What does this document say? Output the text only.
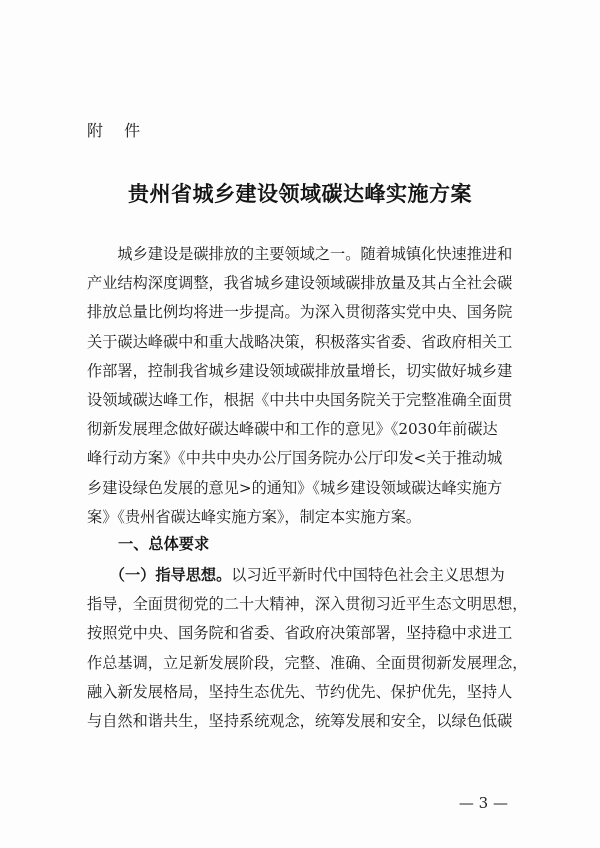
附 件
贵州省城乡建设领域碳达峰实施方案
　　城乡建设是碳排放的主要领域之一。随着城镇化快速推进和
产业结构深度调整，我省城乡建设领域碳排放量及其占全社会碳
排放总量比例均将进一步提高。为深入贯彻落实党中央、国务院
关于碳达峰碳中和重大战略决策，积极落实省委、省政府相关工
作部署，控制我省城乡建设领域碳排放量增长，切实做好城乡建
设领域碳达峰工作，根据《中共中央国务院关于完整准确全面贯
彻新发展理念做好碳达峰碳中和工作的意见》《2030年前碳达
峰行动方案》《中共中央办公厅国务院办公厅印发<关于推动城
乡建设绿色发展的意见>的通知》《城乡建设领域碳达峰实施方
案》《贵州省碳达峰实施方案》，制定本实施方案。
一、总体要求
　　（一）指导思想。以习近平新时代中国特色社会主义思想为
指导，全面贯彻党的二十大精神，深入贯彻习近平生态文明思想，
按照党中央、国务院和省委、省政府决策部署，坚持稳中求进工
作总基调，立足新发展阶段，完整、准确、全面贯彻新发展理念，
融入新发展格局，坚持生态优先、节约优先、保护优先，坚持人
与自然和谐共生，坚持系统观念，统筹发展和安全，以绿色低碳
— 3 —
